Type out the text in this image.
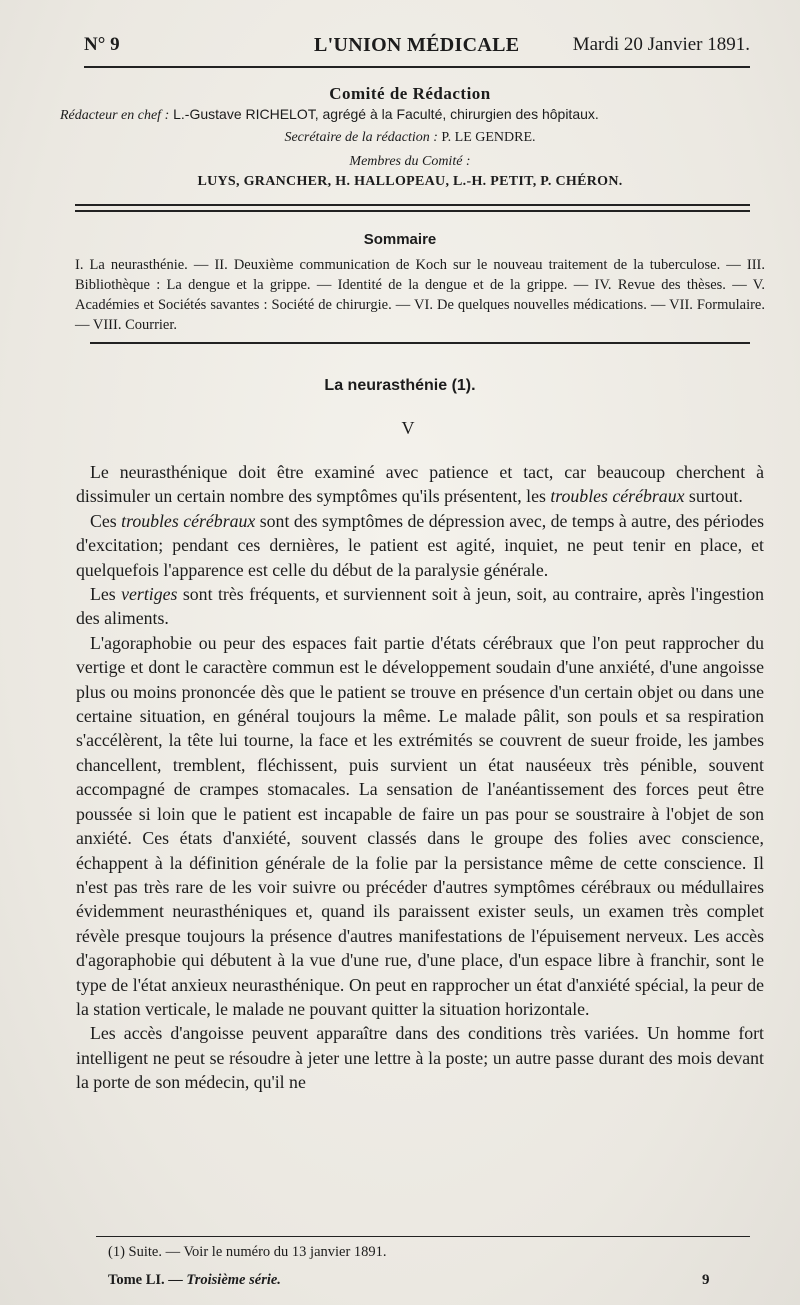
N° 9	L'UNION MÉDICALE	Mardi 20 Janvier 1891.
Comité de Rédaction
Rédacteur en chef : L.-Gustave RICHELOT, agrégé à la Faculté, chirurgien des hôpitaux.
Secrétaire de la rédaction : P. LE GENDRE.
Membres du Comité :
LUYS, GRANCHER, H. HALLOPEAU, L.-H. PETIT, P. CHÉRON.
Sommaire
I. La neurasthénie. — II. Deuxième communication de Koch sur le nouveau traitement de la tuberculose. — III. Bibliothèque : La dengue et la grippe. — Identité de la dengue et de la grippe. — IV. Revue des thèses. — V. Académies et Sociétés savantes : Société de chirurgie. — VI. De quelques nouvelles médications. — VII. Formulaire. — VIII. Courrier.
La neurasthénie (1).
V

Le neurasthénique doit être examiné avec patience et tact, car beaucoup cherchent à dissimuler un certain nombre des symptômes qu'ils présentent, les troubles cérébraux surtout.

Ces troubles cérébraux sont des symptômes de dépression avec, de temps à autre, des périodes d'excitation; pendant ces dernières, le patient est agité, inquiet, ne peut tenir en place, et quelquefois l'apparence est celle du début de la paralysie générale.

Les vertiges sont très fréquents, et surviennent soit à jeun, soit, au contraire, après l'ingestion des aliments.

L'agoraphobie ou peur des espaces fait partie d'états cérébraux que l'on peut rapprocher du vertige et dont le caractère commun est le développement soudain d'une anxiété, d'une angoisse plus ou moins prononcée dès que le patient se trouve en présence d'un certain objet ou dans une certaine situation, en général toujours la même. Le malade pâlit, son pouls et sa respiration s'accélèrent, la tête lui tourne, la face et les extrémités se couvrent de sueur froide, les jambes chancellent, tremblent, fléchissent, puis survient un état nauséeux très pénible, souvent accompagné de crampes stomacales. La sensation de l'anéantissement des forces peut être poussée si loin que le patient est incapable de faire un pas pour se soustraire à l'objet de son anxiété. Ces états d'anxiété, souvent classés dans le groupe des folies avec conscience, échappent à la définition générale de la folie par la persistance même de cette conscience. Il n'est pas très rare de les voir suivre ou précéder d'autres symptômes cérébraux ou médullaires évidemment neurasthéniques et, quand ils paraissent exister seuls, un examen très complet révèle presque toujours la présence d'autres manifestations de l'épuisement nerveux. Les accès d'agoraphobie qui débutent à la vue d'une rue, d'une place, d'un espace libre à franchir, sont le type de l'état anxieux neurasthénique. On peut en rapprocher un état d'anxiété spécial, la peur de la station verticale, le malade ne pouvant quitter la situation horizontale.

Les accès d'angoisse peuvent apparaître dans des conditions très variées. Un homme fort intelligent ne peut se résoudre à jeter une lettre à la poste; un autre passe durant des mois devant la porte de son médecin, qu'il ne

(1) Suite. — Voir le numéro du 13 janvier 1891.
Tome LI. — Troisième série.	9
